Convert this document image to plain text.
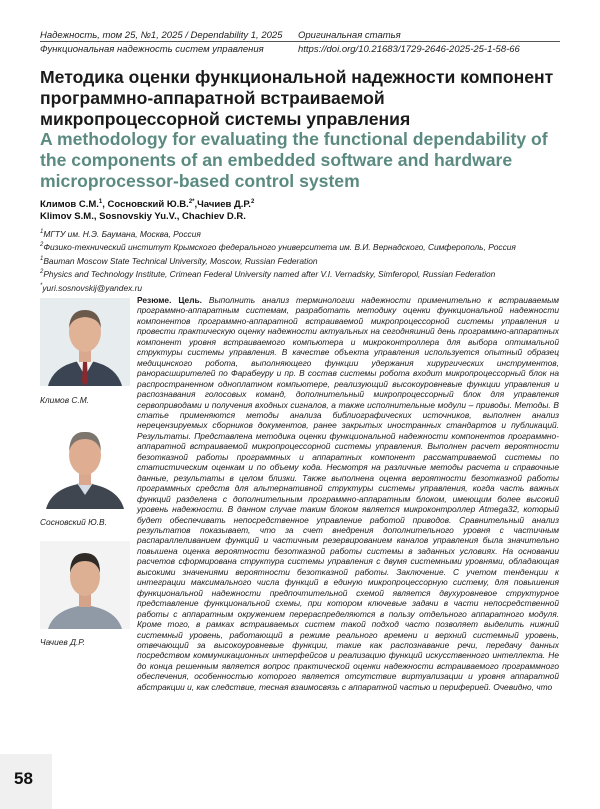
Надежность, том 25, №1, 2025 / Dependability 1, 2025 Оригинальная статья
Функциональная надежность систем управления	https://doi.org/10.21683/1729-2646-2025-25-1-58-66
Методика оценки функциональной надежности компонент программно-аппаратной встраиваемой микропроцессорной системы управления
A methodology for evaluating the functional dependability of the components of an embedded software and hardware microprocessor-based control system
Климов С.М.$^1$, Сосновский Ю.В.$^{2*}$,Чачиев Д.Р.$^2$
Klimov S.M., Sosnovskiy Yu.V., Chachiev D.R.
$^1$МГТУ им. Н.Э. Баумана, Москва, Россия
$^2$Физико-технический институт Крымского федерального университета им. В.И. Вернадского, Симферополь, Россия
$^1$Bauman Moscow State Technical University, Moscow, Russian Federation
$^2$Physics and Technology Institute, Crimean Federal University named after V.I. Vernadsky, Simferopol, Russian Federation
*yuri.sosnovskij@yandex.ru
Климов С.М.
Сосновский Ю.В.
Чачиев Д.Р.
Резюме. Цель. Выполнить анализ терминологии надежности применительно к встраиваемым программно-аппаратным системам, разработать методику оценки функциональной надежности компонентов программно-аппаратной встраиваемой микропроцессорной системы управления и провести практическую оценку надежности актуальных на сегодняшний день программно-аппаратных компонент уровня встраиваемого компьютера и микроконтроллера для выбора оптимальной структуры системы управления. В качестве объекта управления используется опытный образец медицинского робота, выполняющего функции удержания хирургических инструментов, ранорасширителей по Фарабеуру и пр. В состав системы робота входит микропроцессорный блок на распространенном одноплатном компьютере, реализующий высокоуровневые функции управления и распознавания голосовых команд, дополнительный микропроцессорный блок для управления сервоприводами и получения входных сигналов, а также исполнительные модули – приводы. Методы. В статье применяются методы анализа библиографических источников, выполнен анализ нерецензируемых сборников документов, ранее закрытых иностранных стандартов и публикаций. Результаты. Представлена методика оценки функциональной надежности компонентов программно-аппаратной встраиваемой микропроцессорной системы управления. Выполнен расчет вероятности безотказной работы программных и аппаратных компонент рассматриваемой системы по статистическим оценкам и по объему кода. Несмотря на различные методы расчета и справочные данные, результаты в целом близки. Также выполнена оценка вероятности безотказной работы программных средств для альтернативной структуры системы управления, когда часть важных функций разделена с дополнительным программно-аппаратным блоком, имеющим более высокий уровень надежности. В данном случае таким блоком является микроконтроллер Atmega32, который будет обеспечивать непосредственное управление работой приводов. Сравнительный анализ результатов показывает, что за счет внедрения дополнительного уровня с частичным распараллеливанием функций и частичным резервированием каналов управления была значительно повышена оценка вероятности безотказной работы системы в заданных условиях. На основании расчетов сформирована структура системы управления с двумя системными уровнями, обладающая высокими значениями вероятности безотказной работы. Заключение. С учетом тенденции к интеграции максимального числа функций в единую микропроцессорную систему, для повышения функциональной надежности предпочтительной схемой является двухуровневое структурное представление функциональной схемы, при котором ключевые задачи в части непосредственной работы с аппаратным окружением перераспределяются в пользу отдельного аппаратного модуля. Кроме того, в рамках встраиваемых систем такой подход часто позволяет выделить нижний системный уровень, работающий в режиме реального времени и верхний системный уровень, отвечающий за высокоуровневые функции, такие как распознавание речи, передачу данных посредством коммуникационных интерфейсов и реализацию функций искусственного интеллекта. Не до конца решенным является вопрос практической оценки надежности встраиваемого программного обеспечения, особенностью которого является отсутствие виртуализации и уровня аппаратной абстракции и, как следствие, тесная взаимосвязь с аппаратной частью и периферией. Очевидно, что
58
